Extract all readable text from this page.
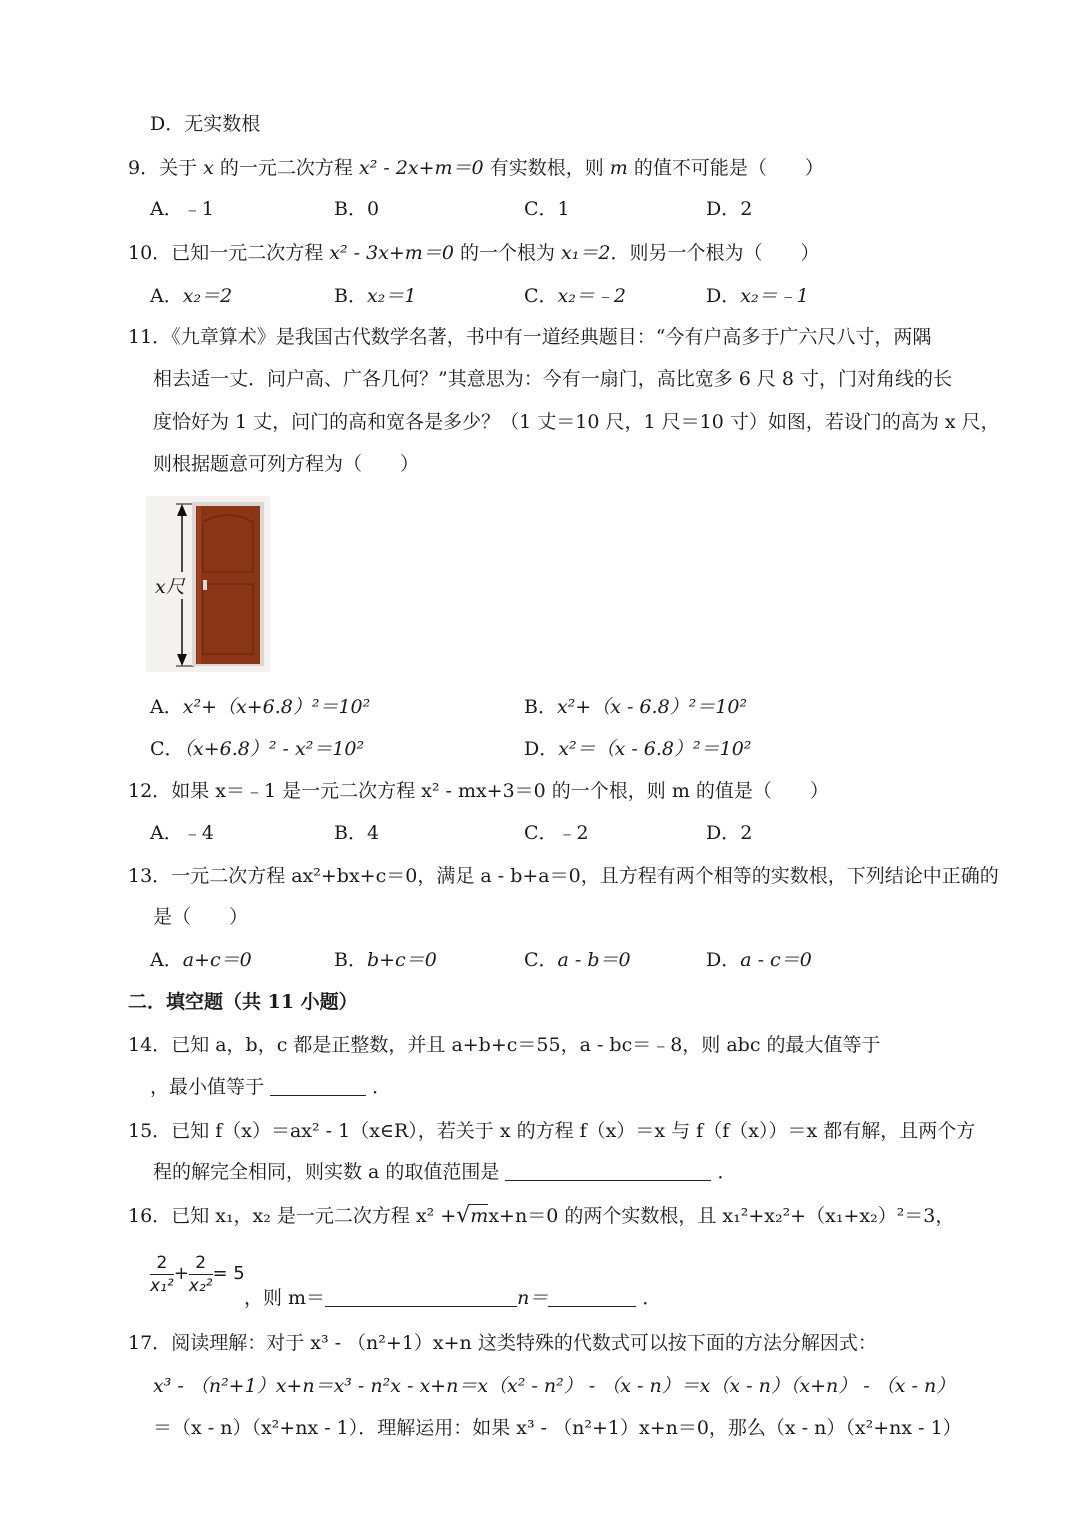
D．无实数根
9．关于 x 的一元二次方程 x² - 2x+m＝0 有实数根，则 m 的值不可能是（　　）
A．﹣1	B．0	C．1	D．2
10．已知一元二次方程 x² - 3x+m＝0 的一个根为 x₁＝2．则另一个根为（　　）
A．x₂＝2	B．x₂＝1	C．x₂＝﹣2	D．x₂＝﹣1
11．《九章算术》是我国古代数学名著，书中有一道经典题目：“今有户高多于广六尺八寸，两隅
相去适一丈．问户高、广各几何？”其意思为：今有一扇门，高比宽多 6 尺 8 寸，门对角线的长
度恰好为 1 丈，问门的高和宽各是多少？（1 丈＝10 尺，1 尺＝10 寸）如图，若设门的高为 x 尺，
则根据题意可列方程为（　　）
x尺
A．x²+（x+6.8）²＝10²	B．x²+（x - 6.8）²＝10²
C．（x+6.8）² - x²＝10²	D．x²＝（x - 6.8）²＝10²
12．如果 x＝﹣1 是一元二次方程 x² - mx+3＝0 的一个根，则 m 的值是（　　）
A．﹣4	B．4	C．﹣2	D．2
13．一元二次方程 ax²+bx+c＝0，满足 a - b+a＝0，且方程有两个相等的实数根，下列结论中正确的
是（　　）
A．a+c＝0	B．b+c＝0	C．a - b＝0	D．a - c＝0
二．填空题（共 11 小题）
14．已知 a，b，c 都是正整数，并且 a+b+c＝55，a - bc＝﹣8，则 abc 的最大值等于
，最小值等于	．
15．已知 f（x）＝ax² - 1（x∈R），若关于 x 的方程 f（x）＝x 与 f（f（x））＝x 都有解，且两个方
程的解完全相同，则实数 a 的取值范围是	．
16．已知 x₁，x₂ 是一元二次方程 x² +√mx+n＝0 的两个实数根，且 x₁²+x₂²+（x₁+x₂）²＝3，
$\frac{2}{\text{x₁²}} + \frac{2}{\text{x₂²}} = 5$
，则 m＝	n＝	．
17．阅读理解：对于 x³ - （n²+1）x+n 这类特殊的代数式可以按下面的方法分解因式：
x³ - （n²+1）x+n＝x³ - n²x - x+n＝x（x² - n²） - （x - n）＝x（x - n）（x+n） - （x - n）
＝（x - n）（x²+nx - 1）．理解运用：如果 x³ - （n²+1）x+n＝0，那么（x - n）（x²+nx - 1）
